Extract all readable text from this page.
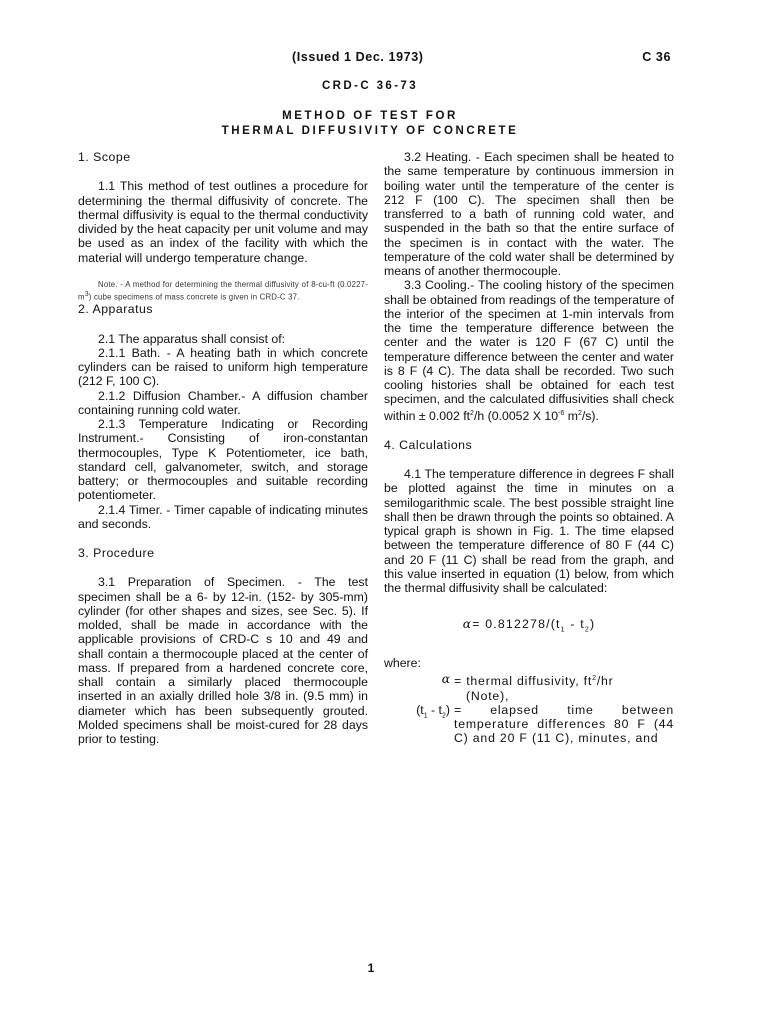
(Issued 1 Dec. 1973)	C 36
CRD-C 36-73
METHOD OF TEST FOR
THERMAL DIFFUSIVITY OF CONCRETE

1. Scope

1.1 This method of test outlines a procedure for determining the thermal diffusivity of concrete. The thermal diffusivity is equal to the thermal conductivity divided by the heat capacity per unit volume and may be used as an index of the facility with which the material will undergo temperature change.

Note. - A method for determining the thermal diffusivity of 8-cu-ft $(0.0227-m^3)$ cube specimens of mass concrete is given in CRD-C 37.

2. Apparatus

2.1 The apparatus shall consist of:

2.1.1 Bath. - A heating bath in which concrete cylinders can be raised to uniform high temperature (212 F, 100 C).

2.1.2 Diffusion Chamber.- A diffusion chamber containing running cold water.

2.1.3 Temperature Indicating or Recording Instrument.- Consisting of iron-constantan thermocouples, Type K Potentiometer, ice bath, standard cell, galvanometer, switch, and storage battery; or thermocouples and suitable recording potentiometer.

2.1.4 Timer. - Timer capable of indicating minutes and seconds.

3. Procedure

3.1 Preparation of Specimen. - The test specimen shall be a 6- by 12-in. (152- by 305-mm) cylinder (for other shapes and sizes, see Sec. 5). If molded, shall be made in accordance with the applicable provisions of CRD-C s 10 and 49 and shall contain a thermocouple placed at the center of mass. If prepared from a hardened concrete core, shall contain a similarly placed thermocouple inserted in an axially drilled hole 3/8 in. (9.5 mm) in diameter which has been subsequently grouted. Molded specimens shall be moist-cured for 28 days prior to testing.

3.2 Heating. - Each specimen shall be heated to the same temperature by continuous immersion in boiling water until the temperature of the center is 212 F (100 C). The specimen shall then be transferred to a bath of running cold water, and suspended in the bath so that the entire surface of the specimen is in contact with the water. The temperature of the cold water shall be determined by means of another thermocouple.

3.3 Cooling.- The cooling history of the specimen shall be obtained from readings of the temperature of the interior of the specimen at 1-min intervals from the time the temperature difference between the center and the water is 120 F (67 C) until the temperature difference between the center and water is 8 F (4 C). The data shall be recorded. Two such cooling histories shall be obtained for each test specimen, and the calculated diffusivities shall check within ± 0.002 $ft^2/h$ (0.0052 X $10^{-6}$ $m^2/s$).

4. Calculations

4.1 The temperature difference in degrees F shall be plotted against the time in minutes on a semilogarithmic scale. The best possible straight line shall then be drawn through the points so obtained. A typical graph is shown in Fig. 1. The time elapsed between the temperature difference of 80 F (44 C) and 20 F (11 C) shall be read from the graph, and this value inserted in equation (1) below, from which the thermal diffusivity shall be calculated:

$\alpha= 0.812278/(t_1 - t_2)$
where:
α = thermal diffusivity, $ft^2/hr$
(Note),
$(t_1 - t_2)$ = elapsed time between temperature differences 80 F (44 C) and 20 F (11 C), minutes, and
1
